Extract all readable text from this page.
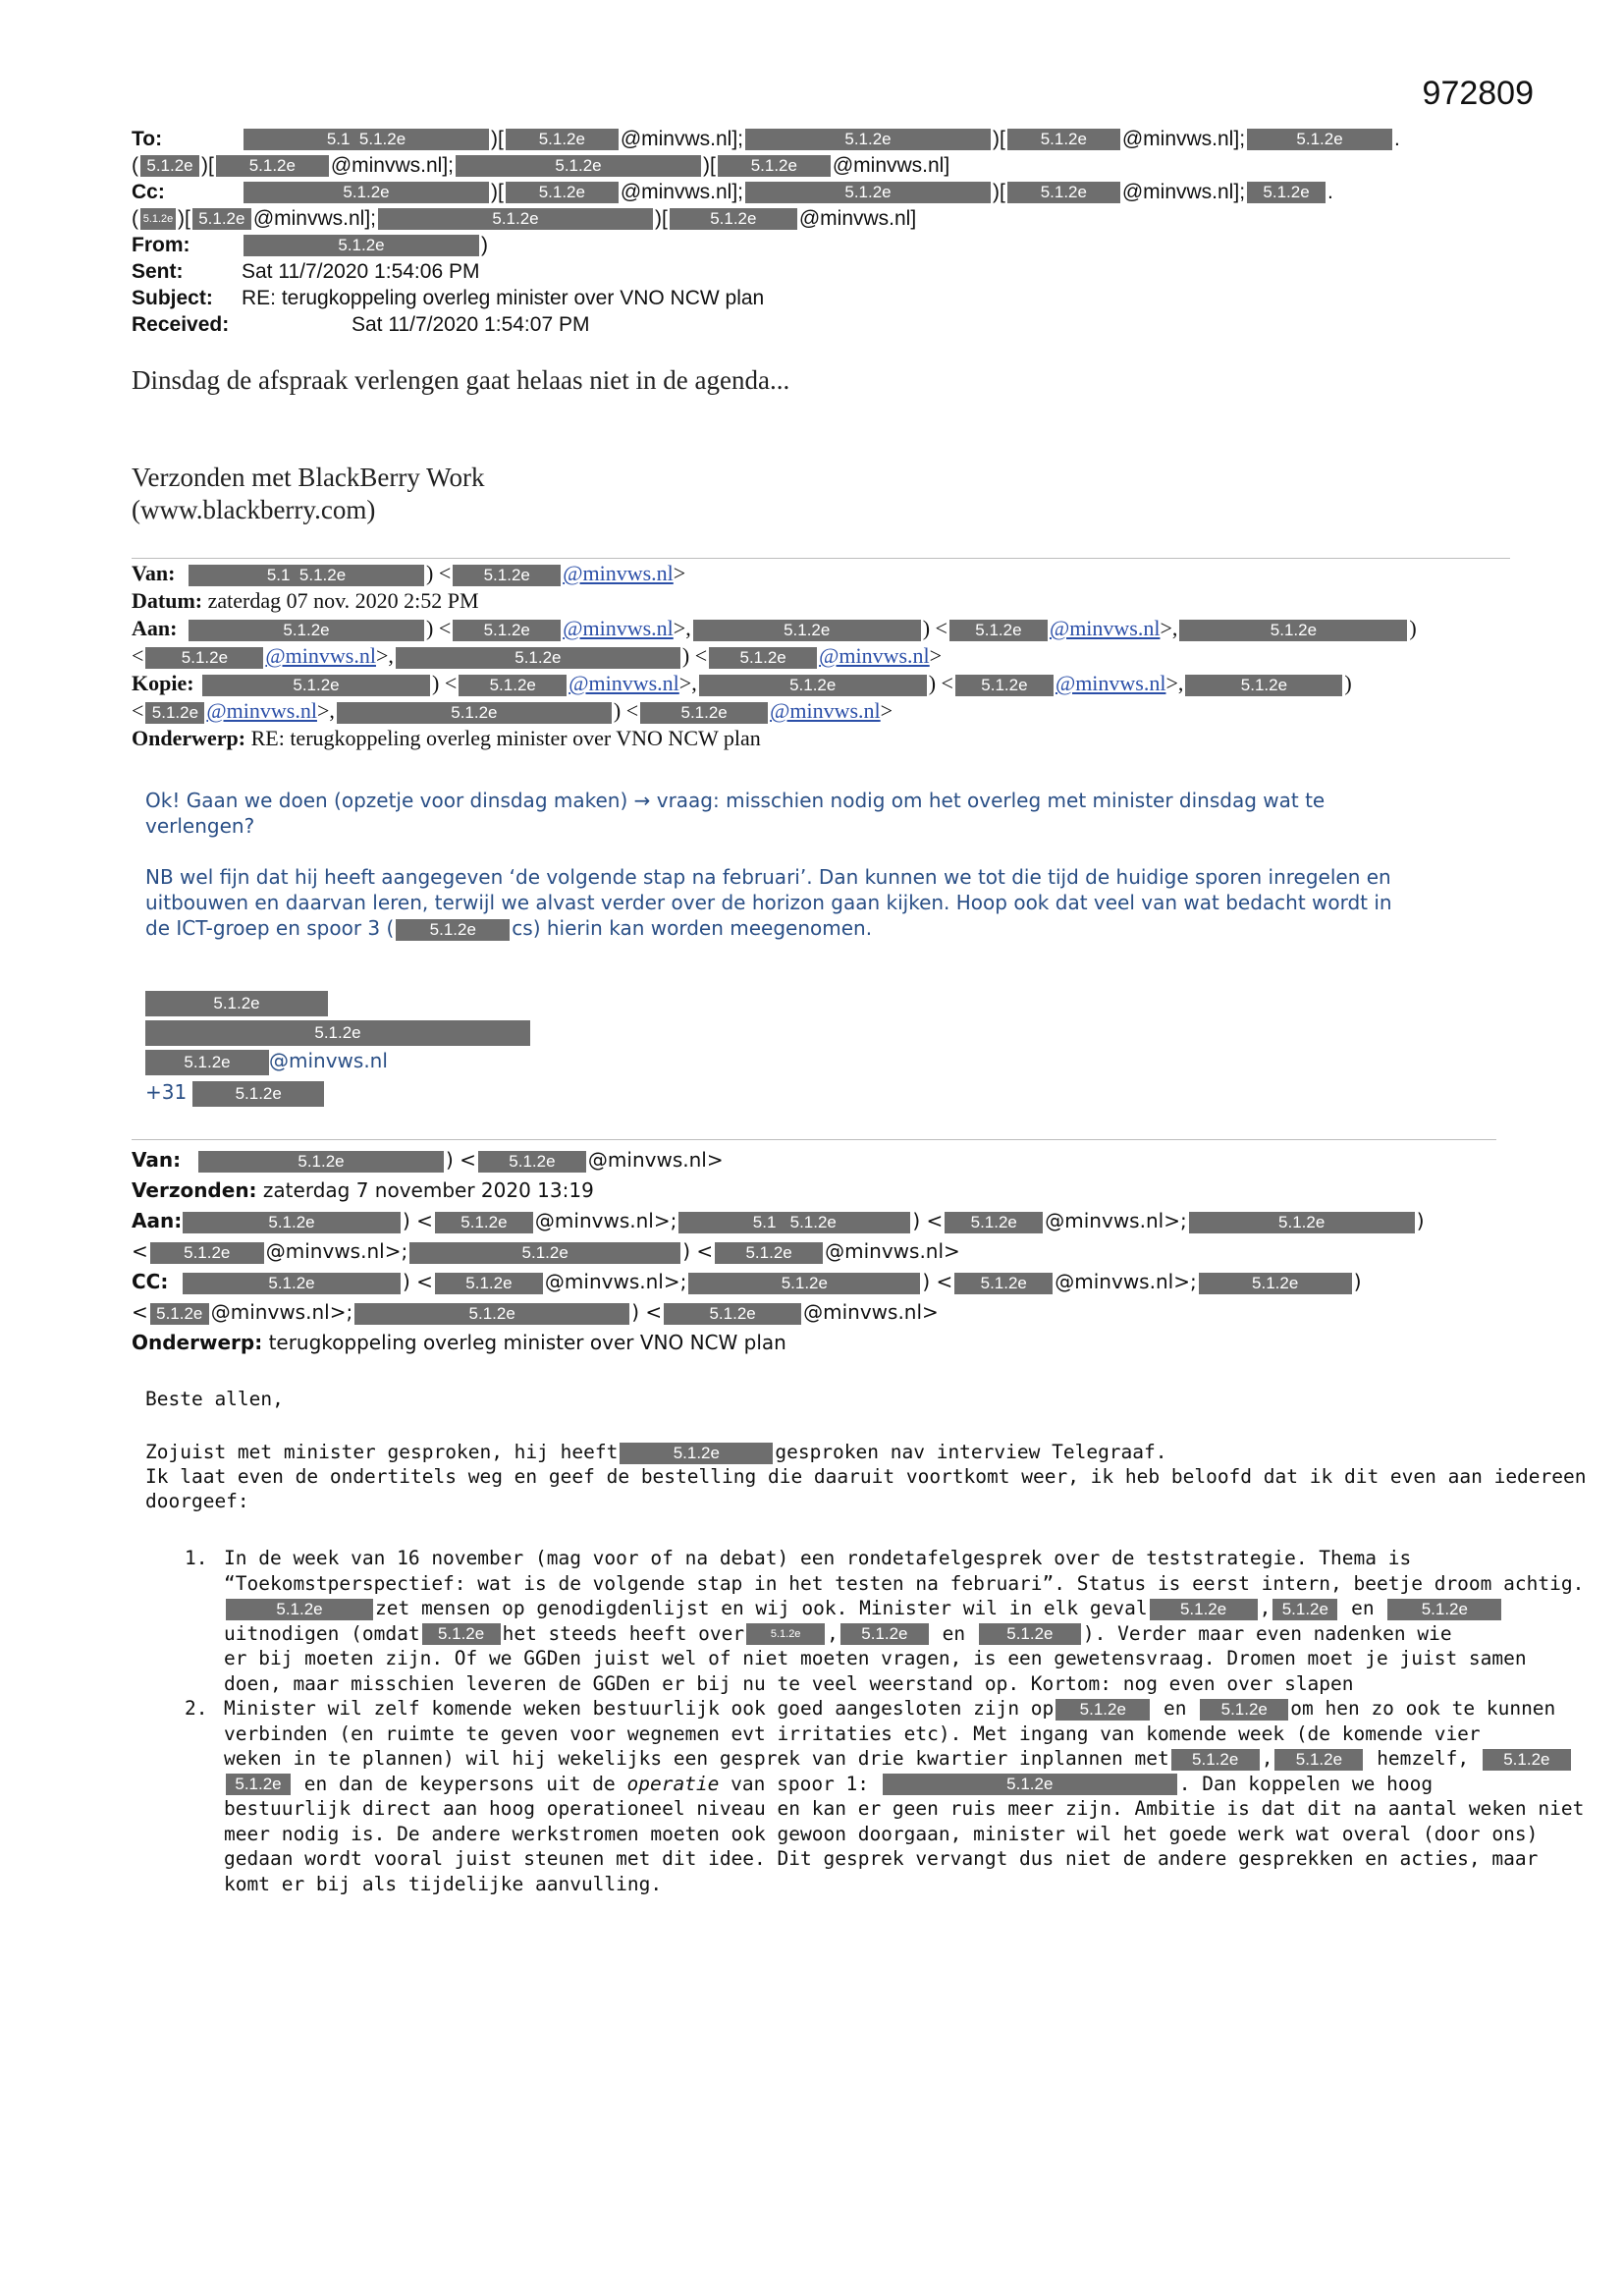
972809
To:	5.1 5.1.2e	)[ 5.1.2e @minvws.nl];	5.1.2e	)[ 5.1.2e @minvws.nl];	5.1.2e .
( 5.1.2e )[ 5.1.2e @minvws.nl];	5.1.2e	)[ 5.1.2e @minvws.nl]
Cc:	5.1.2e	)[ 5.1.2e @minvws.nl];	5.1.2e	)[ 5.1.2e @minvws.nl]; 5.1.2e .
( 5.1.2e )[ 5.1.2e @minvws.nl];	5.1.2e	)[	5.1.2e @minvws.nl]
From:	5.1.2e	)
Sent:	Sat 11/7/2020 1:54:06 PM
Subject: RE: terugkoppeling overleg minister over VNO NCW plan
Received:	Sat 11/7/2020 1:54:07 PM
Dinsdag de afspraak verlengen gaat helaas niet in de agenda...
Verzonden met BlackBerry Work
(www.blackberry.com)
Van:	5.1 5.1.2e	) < 5.1.2e @minvws.nl>
Datum: zaterdag 07 nov. 2020 2:52 PM
Aan:	5.1.2e	) < 5.1.2e @minvws.nl>,	5.1.2e	) < 5.1.2e @minvws.nl>,	5.1.2e	)
< 5.1.2e @minvws.nl>,	5.1.2e	) < 5.1.2e @minvws.nl>
Kopie:	5.1.2e	) < 5.1.2e @minvws.nl>,	5.1.2e	) < 5.1.2e @minvws.nl>,	5.1.2e	)
< 5.1.2e @minvws.nl>,	5.1.2e	) <	5.1.2e @minvws.nl>
Onderwerp: RE: terugkoppeling overleg minister over VNO NCW plan
Ok! Gaan we doen (opzetje voor dinsdag maken) → vraag: misschien nodig om het overleg met minister dinsdag wat te
verlengen?
NB wel fijn dat hij heeft aangegeven ‘de volgende stap na februari’. Dan kunnen we tot die tijd de huidige sporen inregelen en
uitbouwen en daarvan leren, terwijl we alvast verder over de horizon gaan kijken. Hoop ook dat veel van wat bedacht wordt in
de ICT-groep en spoor 3 ( 5.1.2e cs) hierin kan worden meegenomen.
5.1.2e
5.1.2e
5.1.2e @minvws.nl
+31	5.1.2e
Van:	5.1.2e	) < 5.1.2e @minvws.nl>
Verzonden: zaterdag 7 november 2020 13:19
Aan:	5.1.2e	) < 5.1.2e @minvws.nl>;	5.1 5.1.2e	) < 5.1.2e @minvws.nl>;	5.1.2e	)
< 5.1.2e @minvws.nl>;	5.1.2e	) < 5.1.2e @minvws.nl>
CC:	5.1.2e	) < 5.1.2e @minvws.nl>;	5.1.2e	) < 5.1.2e @minvws.nl>;	5.1.2e	)
< 5.1.2e @minvws.nl>;	5.1.2e	) <	5.1.2e @minvws.nl>
Onderwerp: terugkoppeling overleg minister over VNO NCW plan
Beste allen,
Zojuist met minister gesproken, hij heeft	5.1.2e	gesproken nav interview Telegraaf.
Ik laat even de ondertitels weg en geef de bestelling die daaruit voortkomt weer, ik heb beloofd dat ik dit even aan iedereen
doorgeef:
1. In de week van 16 november (mag voor of na debat) een rondetafelgesprek over de teststrategie. Thema is
“Toekomstperspectief: wat is de volgende stap in het testen na februari”. Status is eerst intern, beetje droom achtig.
5.1.2e	zet mensen op genodigdenlijst en wij ook. Minister wil in elk geval 5.1.2e , 5.1.2e en	5.1.2e
uitnodigen (omdat 5.1.2e het steeds heeft over 5.1.2e , 5.1.2e en 5.1.2e ). Verder maar even nadenken wie
er bij moeten zijn. Of we GGDen juist wel of niet moeten vragen, is een gewetensvraag. Dromen moet je juist samen
doen, maar misschien leveren de GGDen er bij nu te veel weerstand op. Kortom: nog even over slapen
2. Minister wil zelf komende weken bestuurlijk ook goed aangesloten zijn op 5.1.2e en 5.1.2e om hen zo ook te kunnen
verbinden (en ruimte te geven voor wegnemen evt irritaties etc). Met ingang van komende week (de komende vier
weken in te plannen) wil hij wekelijks een gesprek van drie kwartier inplannen met 5.1.2e , 5.1.2e hemzelf, 5.1.2e
5.1.2e en dan de keypersons uit de operatie van spoor 1:	5.1.2e	. Dan koppelen we hoog
bestuurlijk direct aan hoog operationeel niveau en kan er geen ruis meer zijn. Ambitie is dat dit na aantal weken niet
meer nodig is. De andere werkstromen moeten ook gewoon doorgaan, minister wil het goede werk wat overal (door ons)
gedaan wordt vooral juist steunen met dit idee. Dit gesprek vervangt dus niet de andere gesprekken en acties, maar
komt er bij als tijdelijke aanvulling.
